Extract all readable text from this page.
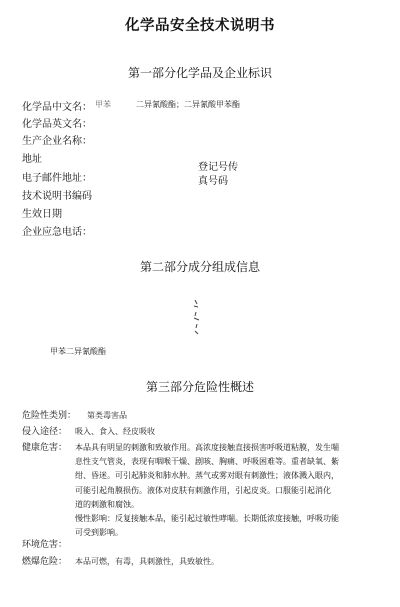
化学品安全技术说明书
第一部分化学品及企业标识
化学品中文名： 甲苯	二异氰酸酯；二异氰酸甲苯酯
化学品英文名：
生产企业名称：
地址
登记号传
真号码
电子邮件地址：
技术说明书编码
生效日期
企业应急电话：
第二部分成分组成信息
甲苯二异氰酸酯
第三部分危险性概述
危险性类别： 第类毒害品
侵入途径： 吸入、食入、经皮吸收
健康危害： 本品具有明显的刺激和致敏作用。高浓度接触直接损害呼吸道粘膜，发生喘
息性支气管炎，表现有咽喉干燥、剧咳、胸痛、呼吸困难等。重者缺氧、紫
绀、昏迷。可引起肺炎和肺水肿。蒸气或雾对眼有刺激性；液体溅入眼内，
可能引起角膜损伤。液体对皮肤有刺激作用，引起皮炎。口服能引起消化
道的刺激和腐蚀。
慢性影响：反复接触本品，能引起过敏性哮喘。长期低浓度接触，呼吸功能
可受到影响。
环境危害：
燃爆危险： 本品可燃，有毒，具刺激性，具致敏性。
